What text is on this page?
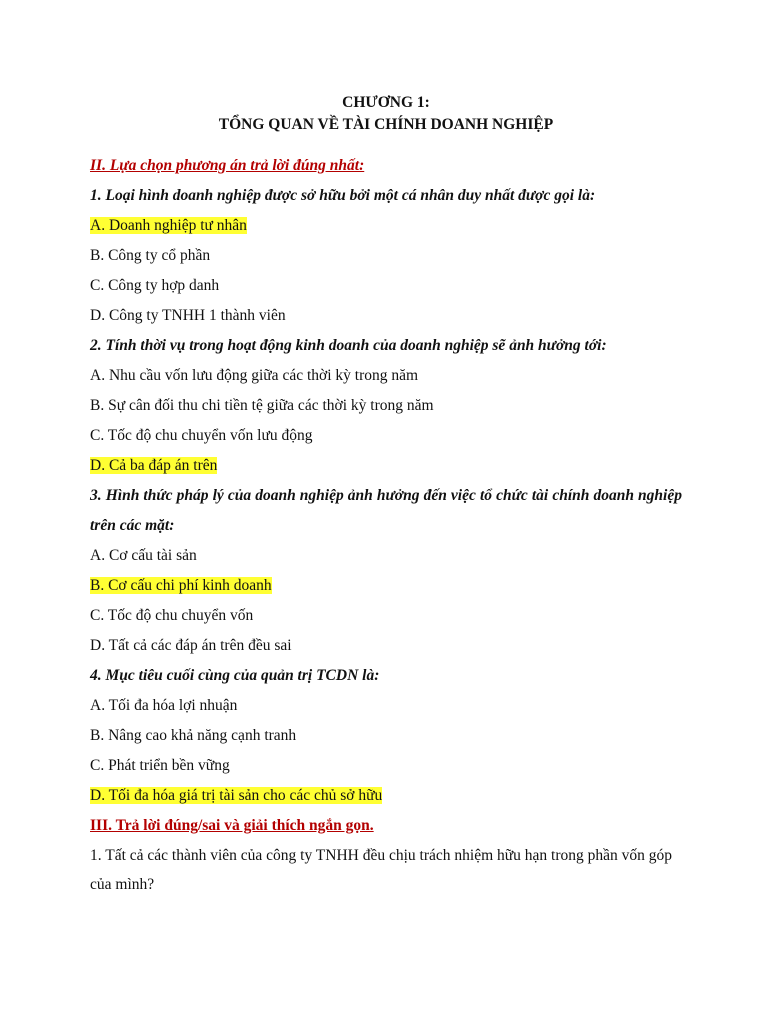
CHƯƠNG 1:
TỔNG QUAN VỀ TÀI CHÍNH DOANH NGHIỆP

II. Lựa chọn phương án trả lời đúng nhất:

1. Loại hình doanh nghiệp được sở hữu bởi một cá nhân duy nhất được gọi là:

A. Doanh nghiệp tư nhân

B. Công ty cổ phần

C. Công ty hợp danh

D. Công ty TNHH 1 thành viên

2. Tính thời vụ trong hoạt động kinh doanh của doanh nghiệp sẽ ảnh hưởng tới:

A. Nhu cầu vốn lưu động giữa các thời kỳ trong năm

B. Sự cân đối thu chi tiền tệ giữa các thời kỳ trong năm

C. Tốc độ chu chuyển vốn lưu động

D. Cả ba đáp án trên

3. Hình thức pháp lý của doanh nghiệp ảnh hưởng đến việc tổ chức tài chính doanh nghiệp trên các mặt:

A. Cơ cấu tài sản

B. Cơ cấu chi phí kinh doanh

C. Tốc độ chu chuyển vốn

D. Tất cả các đáp án trên đều sai

4. Mục tiêu cuối cùng của quản trị TCDN là:

A. Tối đa hóa lợi nhuận

B. Nâng cao khả năng cạnh tranh

C. Phát triển bền vững

D. Tối đa hóa giá trị tài sản cho các chủ sở hữu

III. Trả lời đúng/sai và giải thích ngắn gọn.

1. Tất cả các thành viên của công ty TNHH đều chịu trách nhiệm hữu hạn trong phần vốn góp của mình?
